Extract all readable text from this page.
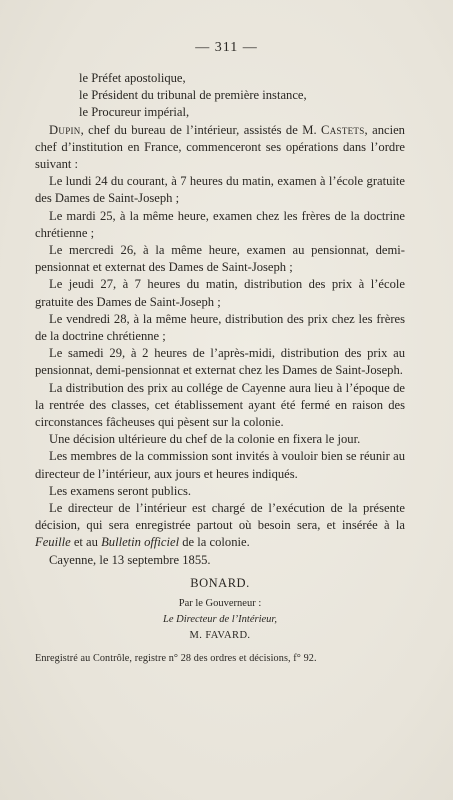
— 311 —
le Préfet apostolique,
le Président du tribunal de première instance,
le Procureur impérial,

Dupin, chef du bureau de l’intérieur, assistés de M. Castets, ancien chef d’institution en France, commenceront ses opérations dans l’ordre suivant :

Le lundi 24 du courant, à 7 heures du matin, examen à l’école gratuite des Dames de Saint-Joseph ;

Le mardi 25, à la même heure, examen chez les frères de la doctrine chrétienne ;

Le mercredi 26, à la même heure, examen au pensionnat, demi-pensionnat et externat des Dames de Saint-Joseph ;

Le jeudi 27, à 7 heures du matin, distribution des prix à l’école gratuite des Dames de Saint-Joseph ;

Le vendredi 28, à la même heure, distribution des prix chez les frères de la doctrine chrétienne ;

Le samedi 29, à 2 heures de l’après-midi, distribution des prix au pensionnat, demi-pensionnat et externat chez les Dames de Saint-Joseph.

La distribution des prix au collége de Cayenne aura lieu à l’époque de la rentrée des classes, cet établissement ayant été fermé en raison des circonstances fâcheuses qui pèsent sur la colonie.

Une décision ultérieure du chef de la colonie en fixera le jour.

Les membres de la commission sont invités à vouloir bien se réunir au directeur de l’intérieur, aux jours et heures indiqués.

Les examens seront publics.

Le directeur de l’intérieur est chargé de l’exécution de la présente décision, qui sera enregistrée partout où besoin sera, et insérée à la Feuille et au Bulletin officiel de la colonie.

Cayenne, le 13 septembre 1855.

BONARD.

Par le Gouverneur :

Le Directeur de l’Intérieur,

M. FAVARD.

Enregistré au Contrôle, registre n° 28 des ordres et décisions, f° 92.
